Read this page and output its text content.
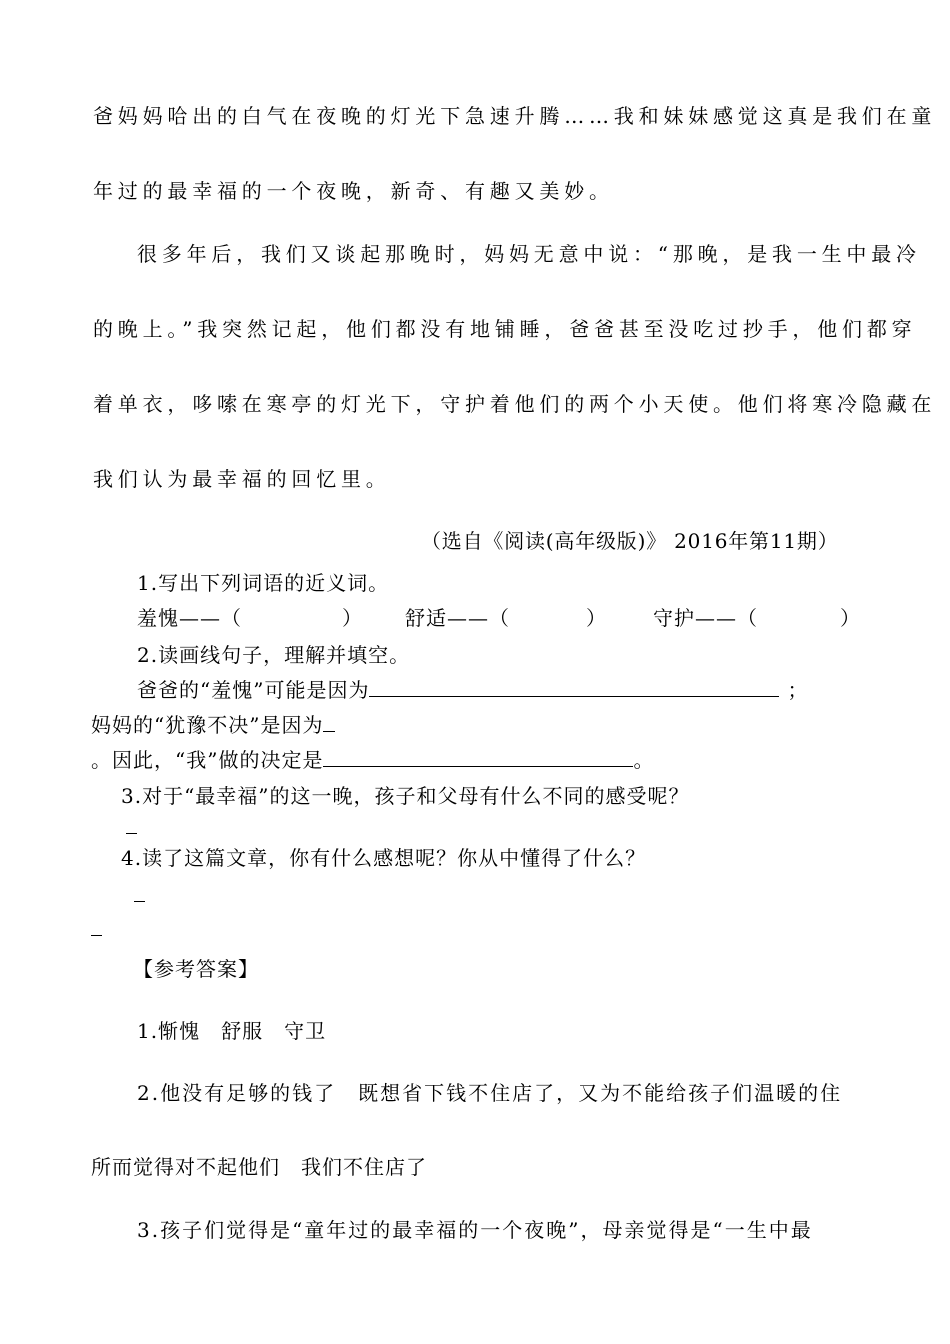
爸妈妈哈出的白气在夜晚的灯光下急速升腾……我和妹妹感觉这真是我们在童
年过的最幸福的一个夜晚，新奇、有趣又美妙。
很多年后，我们又谈起那晚时，妈妈无意中说：“那晚，是我一生中最冷
的晚上。”我突然记起，他们都没有地铺睡，爸爸甚至没吃过抄手，他们都穿
着单衣，哆嗦在寒亭的灯光下，守护着他们的两个小天使。他们将寒冷隐藏在
我们认为最幸福的回忆里。
（选自《阅读(高年级版)》 2016年第11期）
1.写出下列词语的近义词。
羞愧——（	） 舒适——（	） 守护——（	）
2.读画线句子，理解并填空。
爸爸的“羞愧”可能是因为	；
妈妈的“犹豫不决”是因为
。因此，“我”做的决定是	。
3.对于“最幸福”的这一晚，孩子和父母有什么不同的感受呢？
4.读了这篇文章，你有什么感想呢？你从中懂得了什么？
【参考答案】
1.惭愧　舒服　守卫
2.他没有足够的钱了　既想省下钱不住店了，又为不能给孩子们温暖的住
所而觉得对不起他们　我们不住店了
3.孩子们觉得是“童年过的最幸福的一个夜晚”，母亲觉得是“一生中最
